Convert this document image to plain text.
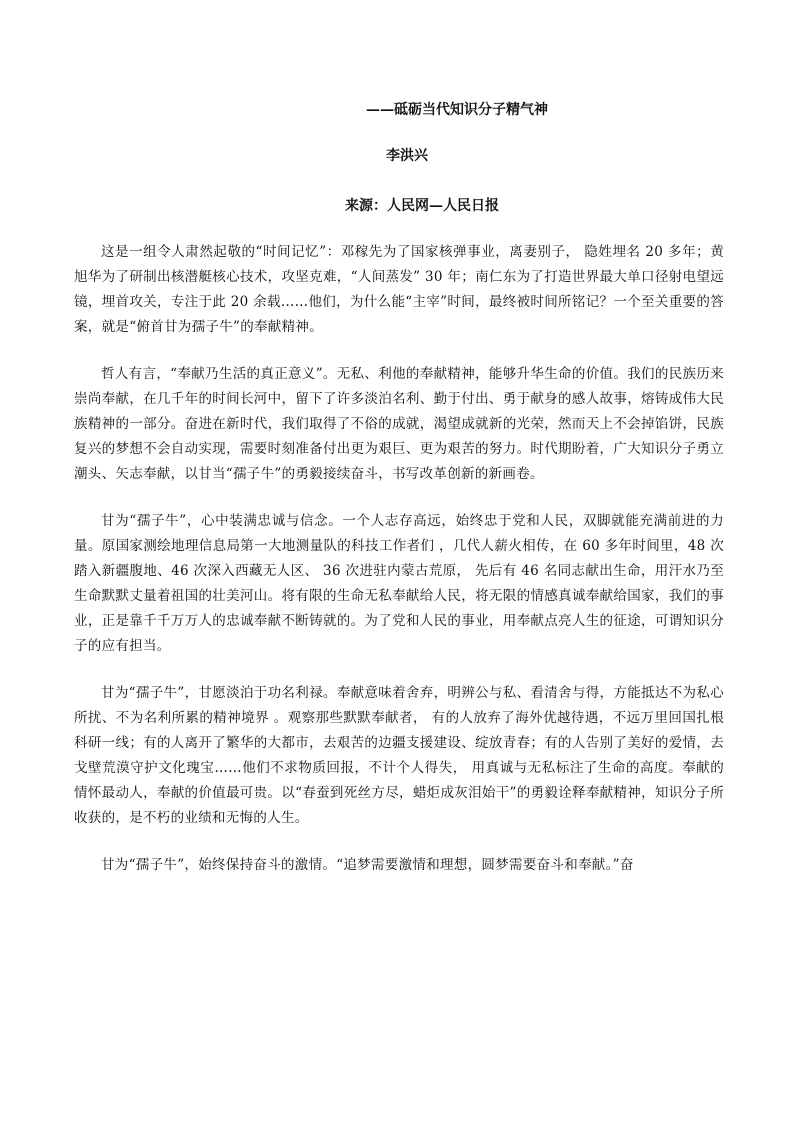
——砥砺当代知识分子精气神
李洪兴
来源：人民网—人民日报

这是一组令人肃然起敬的“时间记忆”：邓稼先为了国家核弹事业，离妻别子， 隐姓埋名 20 多年；黄旭华为了研制出核潜艇核心技术，攻坚克难，“人间蒸发” 30 年；南仁东为了打造世界最大单口径射电望远镜，埋首攻关，专注于此 20 余载……他们，为什么能“主宰”时间，最终被时间所铭记？一个至关重要的答案，就是“俯首甘为孺子牛”的奉献精神。

哲人有言，“奉献乃生活的真正意义”。无私、利他的奉献精神，能够升华生命的价值。我们的民族历来崇尚奉献，在几千年的时间长河中，留下了许多淡泊名利、勤于付出、勇于献身的感人故事，熔铸成伟大民族精神的一部分。奋进在新时代，我们取得了不俗的成就，渴望成就新的光荣，然而天上不会掉馅饼，民族复兴的梦想不会自动实现，需要时刻准备付出更为艰巨、更为艰苦的努力。时代期盼着，广大知识分子勇立潮头、矢志奉献，以甘当“孺子牛”的勇毅接续奋斗，书写改革创新的新画卷。

甘为“孺子牛”，心中装满忠诚与信念。一个人志存高远，始终忠于党和人民，双脚就能充满前进的力量。原国家测绘地理信息局第一大地测量队的科技工作者们 ，几代人薪火相传，在 60 多年时间里，48 次踏入新疆腹地、46 次深入西藏无人区、 36 次进驻内蒙古荒原， 先后有 46 名同志献出生命，用汗水乃至生命默默丈量着祖国的壮美河山。将有限的生命无私奉献给人民，将无限的情感真诚奉献给国家，我们的事业，正是靠千千万万人的忠诚奉献不断铸就的。为了党和人民的事业，用奉献点亮人生的征途，可谓知识分子的应有担当。

甘为“孺子牛”，甘愿淡泊于功名利禄。奉献意味着舍弃，明辨公与私、看清舍与得，方能抵达不为私心所扰、不为名利所累的精神境界 。观察那些默默奉献者， 有的人放弃了海外优越待遇，不远万里回国扎根科研一线；有的人离开了繁华的大都市，去艰苦的边疆支援建设、绽放青春；有的人告别了美好的爱情，去戈壁荒漠守护文化瑰宝……他们不求物质回报，不计个人得失， 用真诚与无私标注了生命的高度。奉献的情怀最动人，奉献的价值最可贵。以“春蚕到死丝方尽，蜡炬成灰泪始干”的勇毅诠释奉献精神，知识分子所收获的，是不朽的业绩和无悔的人生。

甘为“孺子牛”，始终保持奋斗的激情。“追梦需要激情和理想，圆梦需要奋斗和奉献。”奋
